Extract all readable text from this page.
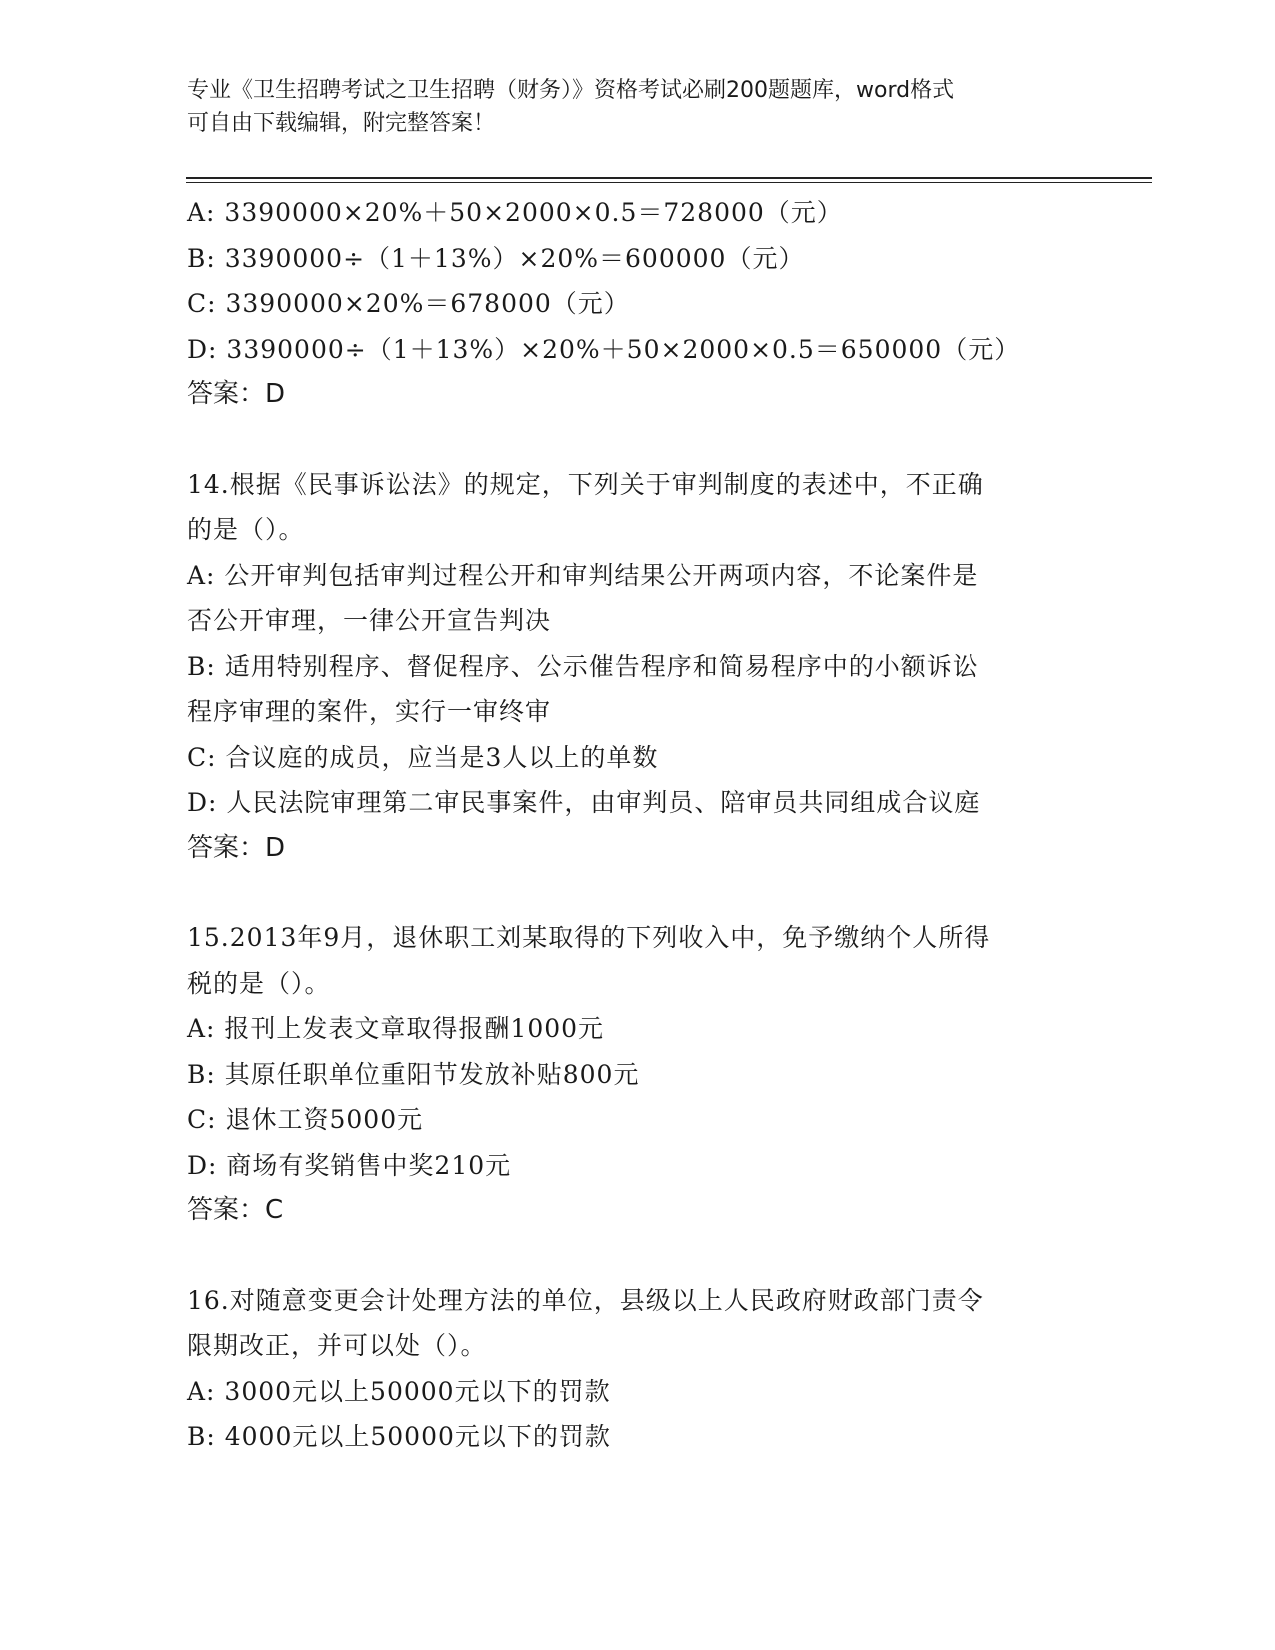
专业《卫生招聘考试之卫生招聘（财务）》资格考试必刷200题题库，word格式
可自由下载编辑，附完整答案！
A: 3390000×20%＋50×2000×0.5＝728000（元）
B: 3390000÷（1＋13%）×20%＝600000（元）
C: 3390000×20%＝678000（元）
D: 3390000÷（1＋13%）×20%＋50×2000×0.5＝650000（元）
答案：D
14.根据《民事诉讼法》的规定，下列关于审判制度的表述中，不正确
的是（）。
A: 公开审判包括审判过程公开和审判结果公开两项内容，不论案件是
否公开审理，一律公开宣告判决
B: 适用特别程序、督促程序、公示催告程序和简易程序中的小额诉讼
程序审理的案件，实行一审终审
C: 合议庭的成员，应当是3人以上的单数
D: 人民法院审理第二审民事案件，由审判员、陪审员共同组成合议庭
答案：D
15.2013年9月，退休职工刘某取得的下列收入中，免予缴纳个人所得
税的是（）。
A: 报刊上发表文章取得报酬1000元
B: 其原任职单位重阳节发放补贴800元
C: 退休工资5000元
D: 商场有奖销售中奖210元
答案：C
16.对随意变更会计处理方法的单位，县级以上人民政府财政部门责令
限期改正，并可以处（）。
A: 3000元以上50000元以下的罚款
B: 4000元以上50000元以下的罚款
